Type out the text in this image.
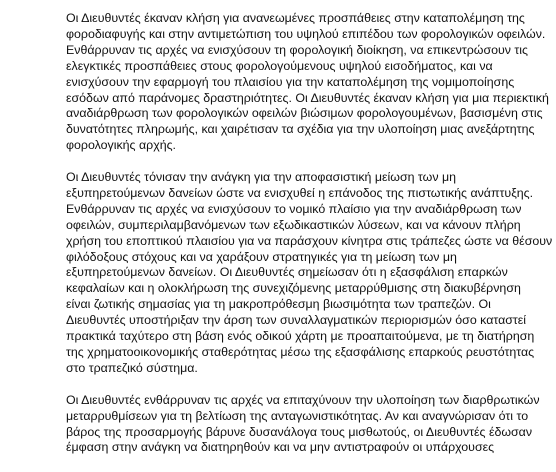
Οι Διευθυντές έκαναν κλήση για ανανεωμένες προσπάθειες στην καταπολέμηση της
φοροδιαφυγής και στην αντιμετώπιση του υψηλού επιπέδου των φορολογικών οφειλών.
Ενθάρρυναν τις αρχές να ενισχύσουν τη φορολογική διοίκηση, να επικεντρώσουν τις
ελεγκτικές προσπάθειες στους φορολογούμενους υψηλού εισοδήματος, και να
ενισχύσουν την εφαρμογή του πλαισίου για την καταπολέμηση της νομιμοποίησης
εσόδων από παράνομες δραστηριότητες. Οι Διευθυντές έκαναν κλήση για μια περιεκτική
αναδιάρθρωση των φορολογικών οφειλών βιώσιμων φορολογουμένων, βασισμένη στις
δυνατότητες πληρωμής, και χαιρέτισαν τα σχέδια για την υλοποίηση μιας ανεξάρτητης
φορολογικής αρχής.

Οι Διευθυντές τόνισαν την ανάγκη για την αποφασιστική μείωση των μη
εξυπηρετούμενων δανείων ώστε να ενισχυθεί η επάνοδος της πιστωτικής ανάπτυξης.
Ενθάρρυναν τις αρχές να ενισχύσουν το νομικό πλαίσιο για την αναδιάρθρωση των
οφειλών, συμπεριλαμβανόμενων των εξωδικαστικών λύσεων, και να κάνουν πλήρη
χρήση του εποπτικού πλαισίου για να παράσχουν κίνητρα στις τράπεζες ώστε να θέσουν
φιλόδοξους στόχους και να χαράξουν στρατηγικές για τη μείωση των μη
εξυπηρετούμενων δανείων. Οι Διευθυντές σημείωσαν ότι η εξασφάλιση επαρκών
κεφαλαίων και η ολοκλήρωση της συνεχιζόμενης μεταρρύθμισης στη διακυβέρνηση
είναι ζωτικής σημασίας για τη μακροπρόθεσμη βιωσιμότητα των τραπεζών. Οι
Διευθυντές υποστήριξαν την άρση των συναλλαγματικών περιορισμών όσο καταστεί
πρακτικά ταχύτερο στη βάση ενός οδικού χάρτη με προαπαιτούμενα, με τη διατήρηση
της χρηματοοικονομικής σταθερότητας μέσω της εξασφάλισης επαρκούς ρευστότητας
στο τραπεζικό σύστημα.

Οι Διευθυντές ενθάρρυναν τις αρχές να επιταχύνουν την υλοποίηση των διαρθρωτικών
μεταρρυθμίσεων για τη βελτίωση της ανταγωνιστικότητας. Αν και αναγνώρισαν ότι το
βάρος της προσαρμογής βάρυνε δυσανάλογα τους μισθωτούς, οι Διευθυντές έδωσαν
έμφαση στην ανάγκη να διατηρηθούν και να μην αντιστραφούν οι υπάρχουσες
